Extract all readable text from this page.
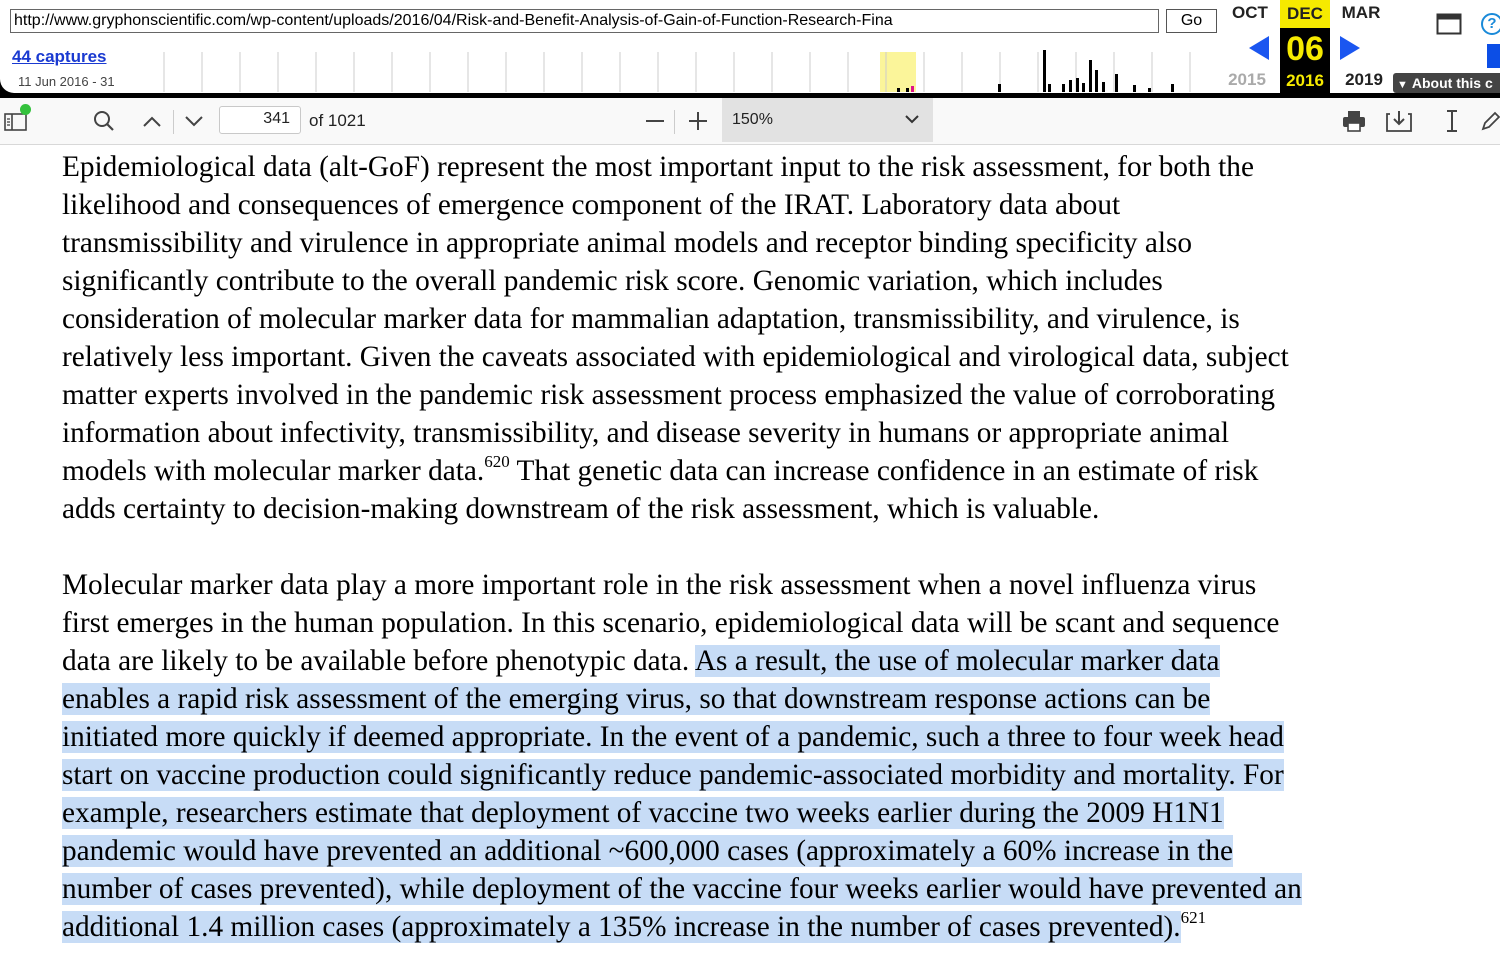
http://www.gryphonscientific.com/wp-content/uploads/2016/04/Risk-and-Benefit-Analysis-of-Gain-of-Function-Research-Fina	Go
44 captures
11 Jun 2016 - 31
OCT	DEC	MAR
06
2015	2016	2019
?
▼ About this c
341	of 1021	150%
Epidemiological data (alt-GoF) represent the most important input to the risk assessment, for both the
likelihood and consequences of emergence component of the IRAT. Laboratory data about
transmissibility and virulence in appropriate animal models and receptor binding specificity also
significantly contribute to the overall pandemic risk score. Genomic variation, which includes
consideration of molecular marker data for mammalian adaptation, transmissibility, and virulence, is
relatively less important. Given the caveats associated with epidemiological and virological data, subject
matter experts involved in the pandemic risk assessment process emphasized the value of corroborating
information about infectivity, transmissibility, and disease severity in humans or appropriate animal
models with molecular marker data.$^{620}$ That genetic data can increase confidence in an estimate of risk
adds certainty to decision-making downstream of the risk assessment, which is valuable.
Molecular marker data play a more important role in the risk assessment when a novel influenza virus
first emerges in the human population. In this scenario, epidemiological data will be scant and sequence
data are likely to be available before phenotypic data. As a result, the use of molecular marker data
enables a rapid risk assessment of the emerging virus, so that downstream response actions can be
initiated more quickly if deemed appropriate. In the event of a pandemic, such a three to four week head
start on vaccine production could significantly reduce pandemic-associated morbidity and mortality. For
example, researchers estimate that deployment of vaccine two weeks earlier during the 2009 H1N1
pandemic would have prevented an additional ~600,000 cases (approximately a 60% increase in the
number of cases prevented), while deployment of the vaccine four weeks earlier would have prevented an
additional 1.4 million cases (approximately a 135% increase in the number of cases prevented).$^{621}$
